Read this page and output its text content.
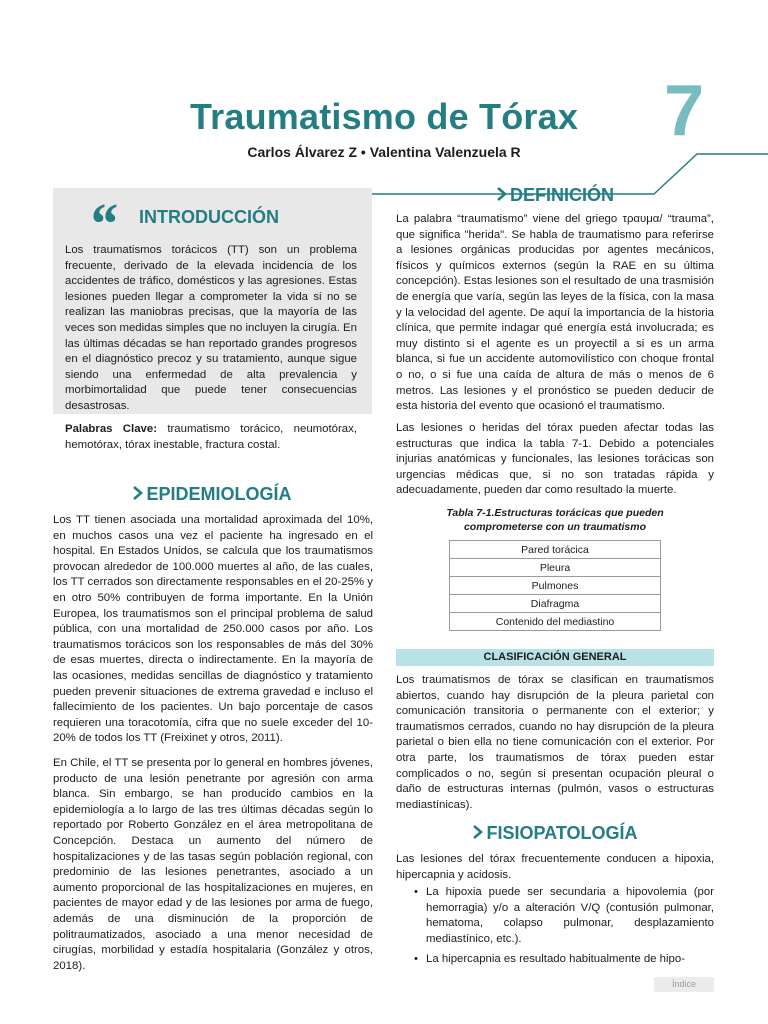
Traumatismo de Tórax	7
Carlos Álvarez Z • Valentina Valenzuela R
“ INTRODUCCIÓN
Los traumatismos torácicos (TT) son un problema frecuente, derivado de la elevada incidencia de los accidentes de tráfico, domésticos y las agresiones. Estas lesiones pueden llegar a comprometer la vida si no se realizan las maniobras precisas, que la mayoría de las veces son medidas simples que no incluyen la cirugía. En las últimas décadas se han reportado grandes progresos en el diagnóstico precoz y su tratamiento, aunque sigue siendo una enfermedad de alta prevalencia y morbimortalidad que puede tener consecuencias desastrosas.
Palabras Clave: traumatismo torácico, neumotórax, hemotórax, tórax inestable, fractura costal.
EPIDEMIOLOGÍA
Los TT tienen asociada una mortalidad aproximada del 10%, en muchos casos una vez el paciente ha ingresado en el hospital. En Estados Unidos, se calcula que los traumatismos provocan alrededor de 100.000 muertes al año, de las cuales, los TT cerrados son directamente responsables en el 20-25% y en otro 50% contribuyen de forma importante. En la Unión Europea, los traumatismos son el principal problema de salud pública, con una mortalidad de 250.000 casos por año. Los traumatismos torácicos son los responsables de más del 30% de esas muertes, directa o indirectamente. En la mayoría de las ocasiones, medidas sencillas de diagnóstico y tratamiento pueden prevenir situaciones de extrema gravedad e incluso el fallecimiento de los pacientes. Un bajo porcentaje de casos requieren una toracotomía, cifra que no suele exceder del 10-20% de todos los TT (Freixinet y otros, 2011).
En Chile, el TT se presenta por lo general en hombres jóvenes, producto de una lesión penetrante por agresión con arma blanca. Sin embargo, se han producido cambios en la epidemiología a lo largo de las tres últimas décadas según lo reportado por Roberto González en el área metropolitana de Concepción. Destaca un aumento del número de hospitalizaciones y de las tasas según población regional, con predominio de las lesiones penetrantes, asociado a un aumento proporcional de las hospitalizaciones en mujeres, en pacientes de mayor edad y de las lesiones por arma de fuego, además de una disminución de la proporción de politraumatizados, asociado a una menor necesidad de cirugías, morbilidad y estadía hospitalaria (González y otros, 2018).
DEFINICIÓN
La palabra “traumatismo” viene del griego τραυμα/ “trauma”, que significa "herida". Se habla de traumatismo para referirse a lesiones orgánicas producidas por agentes mecánicos, físicos y químicos externos (según la RAE en su última concepción). Estas lesiones son el resultado de una trasmisión de energía que varía, según las leyes de la física, con la masa y la velocidad del agente. De aquí la importancia de la historia clínica, que permite indagar qué energía está involucrada; es muy distinto si el agente es un proyectil a si es un arma blanca, si fue un accidente automovilístico con choque frontal o no, o si fue una caída de altura de más o menos de 6 metros. Las lesiones y el pronóstico se pueden deducir de esta historia del evento que ocasionó el traumatismo.
Las lesiones o heridas del tórax pueden afectar todas las estructuras que indica la tabla 7-1. Debido a potenciales injurias anatómicas y funcionales, las lesiones torácicas son urgencias médicas que, si no son tratadas rápida y adecuadamente, pueden dar como resultado la muerte.
Tabla 7-1.Estructuras torácicas que pueden
comprometerse con un traumatismo
Pared torácica
Pleura
Pulmones
Diafragma
Contenido del mediastino
CLASIFICACIÓN GENERAL
Los traumatismos de tórax se clasifican en traumatismos abiertos, cuando hay disrupción de la pleura parietal con comunicación transitoria o permanente con el exterior; y traumatismos cerrados, cuando no hay disrupción de la pleura parietal o bien ella no tiene comunicación con el exterior. Por otra parte, los traumatismos de tórax pueden estar complicados o no, según si presentan ocupación pleural o daño de estructuras internas (pulmón, vasos o estructuras mediastínicas).
FISIOPATOLOGÍA
Las lesiones del tórax frecuentemente conducen a hipoxia, hipercapnia y acidosis.
• La hipoxia puede ser secundaria a hipovolemia (por hemorragia) y/o a alteración V/Q (contusión pulmonar, hematoma, colapso pulmonar, desplazamiento mediastínico, etc.).
• La hipercapnia es resultado habitualmente de hipo-
Índice
